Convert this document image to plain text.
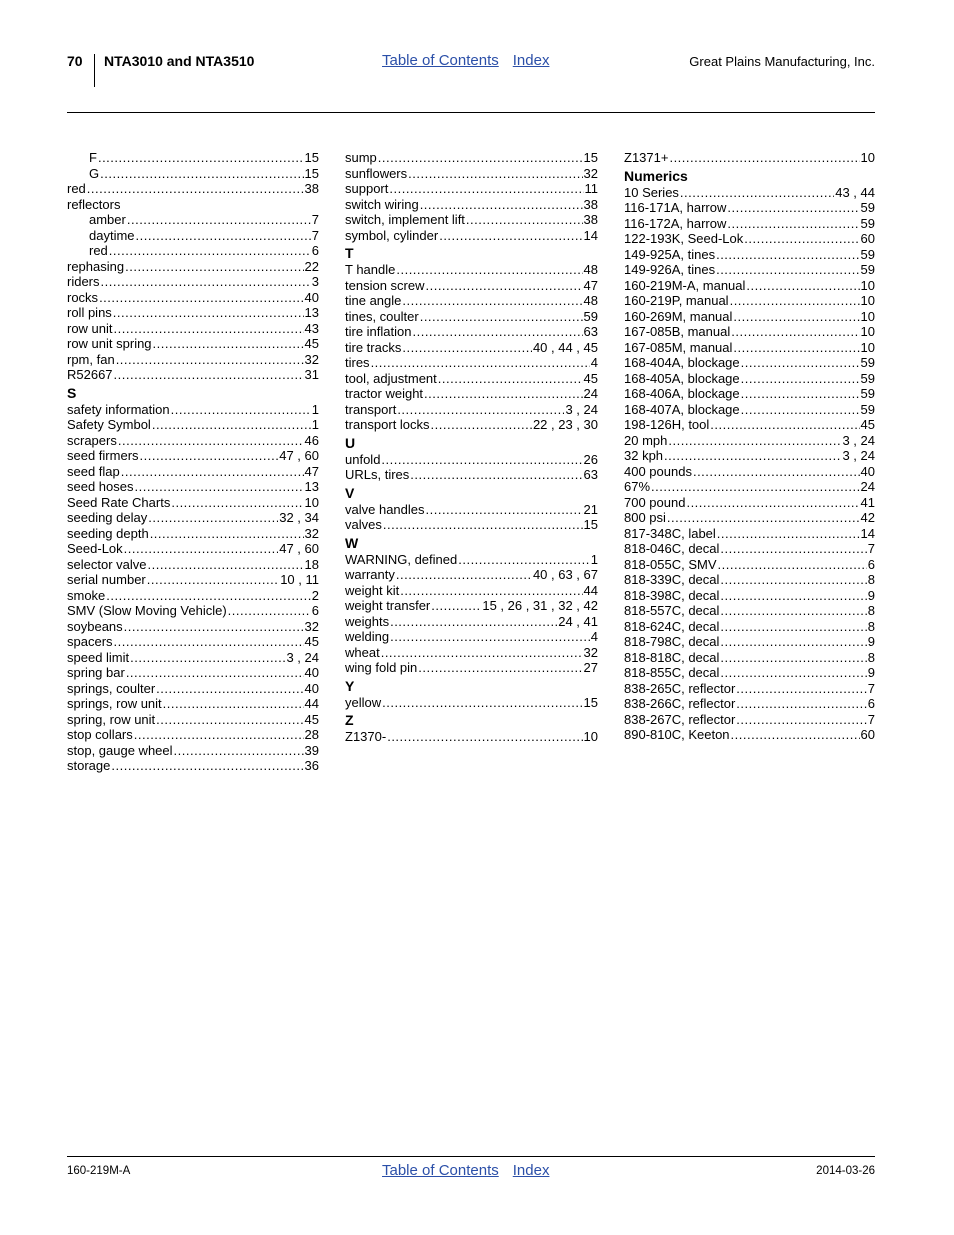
70 NTA3010 and NTA3510	Table of Contents Index	Great Plains Manufacturing, Inc.
F .....	15
G .....	15
red .....	38
reflectors
amber .....	7
daytime .....	7
red .....	6
rephasing .....	22
riders .....	3
rocks .....	40
roll pins .....	13
row unit .....	43
row unit spring .....	45
rpm, fan .....	32
R52667 .....	31
S
safety information .....	1
Safety Symbol .....	1
scrapers .....	46
seed firmers .....	47 , 60
seed flap .....	47
seed hoses .....	13
Seed Rate Charts .....	10
seeding delay .....	32 , 34
seeding depth .....	32
Seed-Lok .....	47 , 60
selector valve .....	18
serial number .....	10 , 11
smoke .....	2
SMV (Slow Moving Vehicle) .....	6
soybeans .....	32
spacers .....	45
speed limit .....	3 , 24
spring bar .....	40
springs, coulter .....	40
springs, row unit .....	44
spring, row unit .....	45
stop collars .....	28
stop, gauge wheel .....	39
storage .....	36
sump .....	15
sunflowers .....	32
support .....	11
switch wiring .....	38
switch, implement lift .....	38
symbol, cylinder .....	14
T
T handle .....	48
tension screw .....	47
tine angle .....	48
tines, coulter .....	59
tire inflation .....	63
tire tracks .....	40 , 44 , 45
tires .....	4
tool, adjustment .....	45
tractor weight .....	24
transport .....	3 , 24
transport locks .....	22 , 23 , 30
U
unfold .....	26
URLs, tires .....	63
V
valve handles .....	21
valves .....	15
W
WARNING, defined .....	1
warranty .....	40 , 63 , 67
weight kit .....	44
weight transfer .....	15 , 26 , 31 , 32 , 42
weights .....	24 , 41
welding .....	4
wheat .....	32
wing fold pin .....	27
Y
yellow .....	15
Z
Z1370- .....	10
Z1371+ .....	10
Numerics
10 Series .....	43 , 44
116-171A, harrow .....	59
116-172A, harrow .....	59
122-193K, Seed-Lok .....	60
149-925A, tines .....	59
149-926A, tines .....	59
160-219M-A, manual .....	10
160-219P, manual .....	10
160-269M, manual .....	10
167-085B, manual .....	10
167-085M, manual .....	10
168-404A, blockage .....	59
168-405A, blockage .....	59
168-406A, blockage .....	59
168-407A, blockage .....	59
198-126H, tool .....	45
20 mph .....	3 , 24
32 kph .....	3 , 24
400 pounds .....	40
67% .....	24
700 pound .....	41
800 psi .....	42
817-348C, label .....	14
818-046C, decal .....	7
818-055C, SMV .....	6
818-339C, decal .....	8
818-398C, decal .....	9
818-557C, decal .....	8
818-624C, decal .....	8
818-798C, decal .....	9
818-818C, decal .....	8
818-855C, decal .....	9
838-265C, reflector .....	7
838-266C, reflector .....	6
838-267C, reflector .....	7
890-810C, Keeton .....	60
160-219M-A	Table of Contents Index	2014-03-26
